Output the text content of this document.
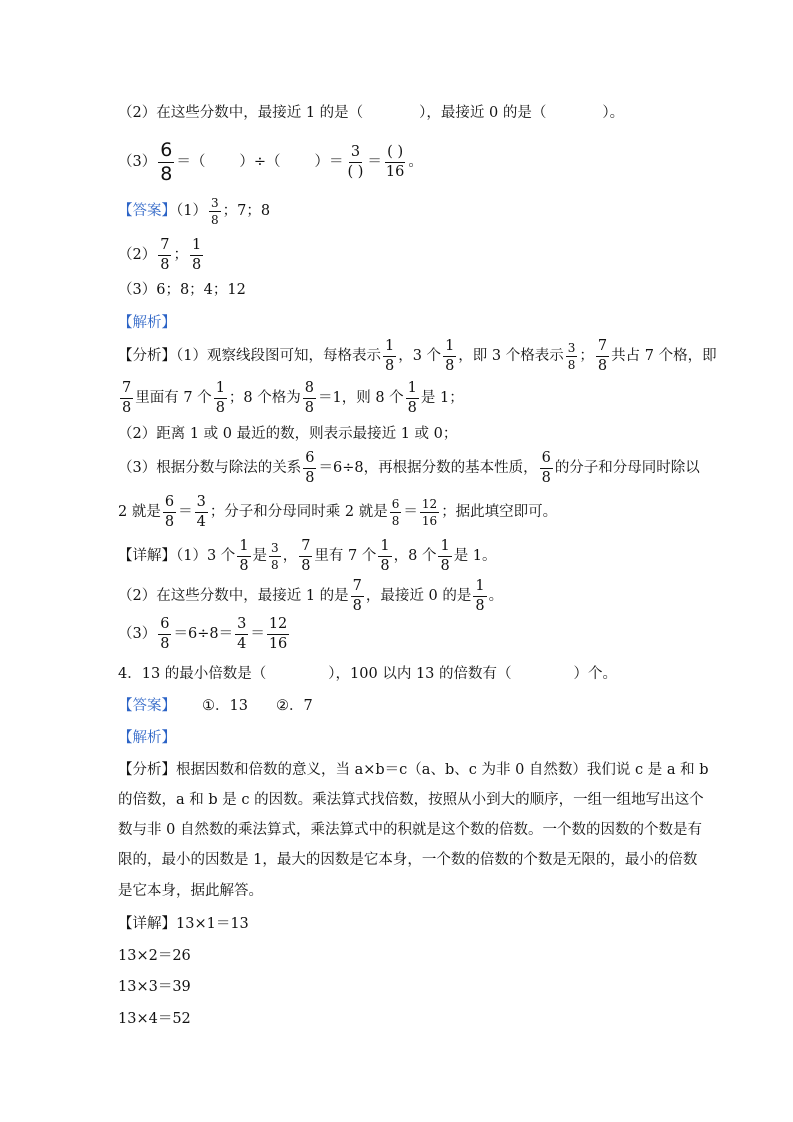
（2）在这些分数中，最接近 1 的是（	），最接近 0 的是（	）。
$(3) \frac{6}{8}$ ＝（ ）÷（ ）＝ $\frac{3}{( )} = \frac{( )}{16}$ 。
【答案】$(1) \frac{3}{8}$ ；7；8
$(2) \frac{7}{8}$ ； $\frac{1}{8}$
（3）6；8；4；12
【解析】
【分析】（1）观察线段图可知，每格表示 $\frac{1}{8}$ ，3 个 $\frac{1}{8}$ ，即 3 个格表示 $\frac{3}{8}$ ； $\frac{7}{8}$ 共占 7 个格，即
$\frac{7}{8}$ 里面有 7 个 $\frac{1}{8}$ ；8 个格为 $\frac{8}{8} =1$，则 8 个 $\frac{1}{8}$ 是 1；
（2）距离 1 或 0 最近的数，则表示最接近 1 或 0；
（3）根据分数与除法的关系 $\frac{6}{8} =6\div 8$，再根据分数的基本性质， $\frac{6}{8}$ 的分子和分母同时除以
2 就是 $\frac{6}{8} = \frac{3}{4}$ ；分子和分母同时乘 2 就是 $\frac{6}{8} = \frac{12}{16}$ ；据此填空即可。
【详解】（1）3 个 $\frac{1}{8}$ 是 $\frac{3}{8}$ ， $\frac{7}{8}$ 里有 7 个 $\frac{1}{8}$ ，8 个 $\frac{1}{8}$ 是 1。
（2）在这些分数中，最接近 1 的是 $\frac{7}{8}$ ，最接近 0 的是 $\frac{1}{8}$ 。
$(3) \frac{6}{8} =6\div 8= \frac{3}{4} = \frac{12}{16}$
4．13 的最小倍数是（	），100 以内 13 的倍数有（	）个。
【答案】 ①．13 ②．7
【解析】
【分析】根据因数和倍数的意义，当 a×b＝c（a、b、c 为非 0 自然数）我们说 c 是 a 和 b
的倍数，a 和 b 是 c 的因数。乘法算式找倍数，按照从小到大的顺序，一组一组地写出这个
数与非 0 自然数的乘法算式，乘法算式中的积就是这个数的倍数。一个数的因数的个数是有
限的，最小的因数是 1，最大的因数是它本身，一个数的倍数的个数是无限的，最小的倍数
是它本身，据此解答。
【详解】13×1＝13
13×2＝26
13×3＝39
13×4＝52
